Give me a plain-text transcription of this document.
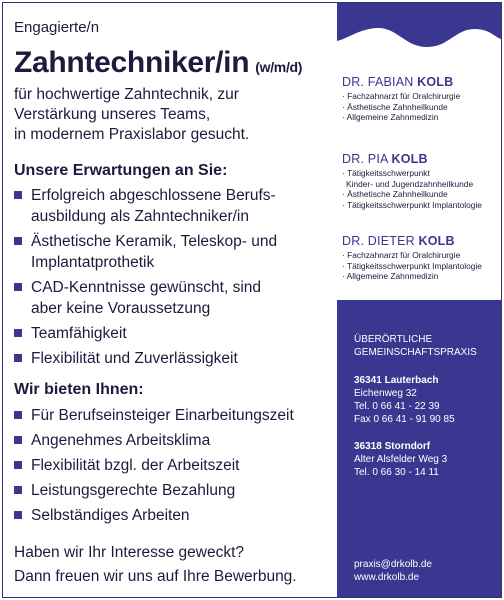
Engagierte/n
Zahntechniker/in (w/m/d)
für hochwertige Zahntechnik, zur
Verstärkung unseres Teams,
in modernem Praxislabor gesucht.
Unsere Erwartungen an Sie:
Erfolgreich abgeschlossene Berufs-
ausbildung als Zahntechniker/in
Ästhetische Keramik, Teleskop- und
Implantatprothetik
CAD-Kenntnisse gewünscht, sind
aber keine Voraussetzung
Teamfähigkeit
Flexibilität und Zuverlässigkeit
Wir bieten Ihnen:
Für Berufseinsteiger Einarbeitungszeit
Angenehmes Arbeitsklima
Flexibilität bzgl. der Arbeitszeit
Leistungsgerechte Bezahlung
Selbständiges Arbeiten
Haben wir Ihr Interesse geweckt?
Dann freuen wir uns auf Ihre Bewerbung.
DR. FABIAN KOLB
· Fachzahnarzt für Oralchirurgie
· Ästhetische Zahnheilkunde
· Allgemeine Zahnmedizin
DR. PIA KOLB
· Tätigkeitsschwerpunkt
Kinder- und Jugendzahnheilkunde
· Ästhetische Zahnheilkunde
· Tätigkeitsschwerpunkt Implantologie
DR. DIETER KOLB
· Fachzahnarzt für Oralchirurgie
· Tätigkeitsschwerpunkt Implantologie
· Allgemeine Zahnmedizin
ÜBERÖRTLICHE
GEMEINSCHAFTSPRAXIS
36341 Lauterbach
Eichenweg 32
Tel. 0 66 41 - 22 39
Fax 0 66 41 - 91 90 85
36318 Storndorf
Alter Alsfelder Weg 3
Tel. 0 66 30 - 14 11
praxis@drkolb.de
www.drkolb.de
